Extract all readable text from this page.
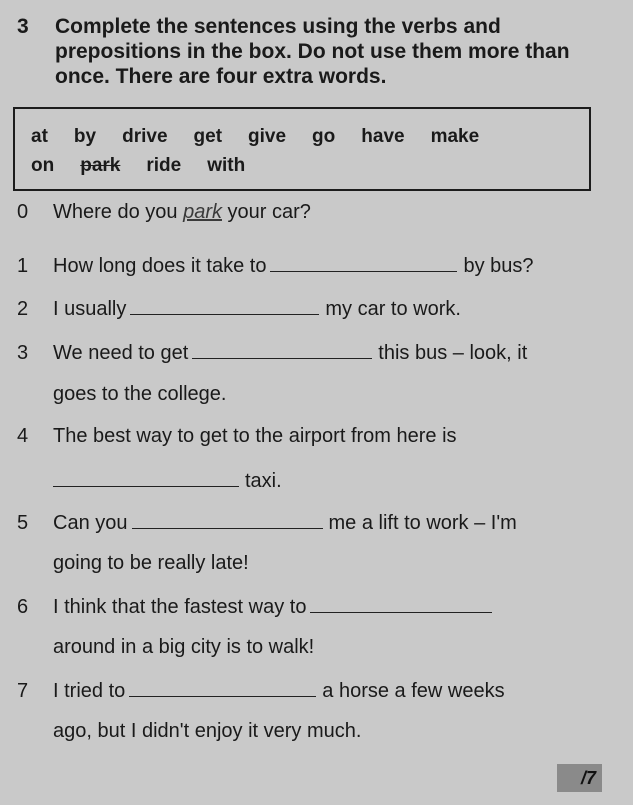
3	Complete the sentences using the verbs and prepositions in the box. Do not use them more than once. There are four extra words.
at by drive get give go have make
on park ride with
0 Where do you park your car?
1 How long does it take to	by bus?
2 I usually	my car to work.
3 We need to get	this bus – look, it
goes to the college.
4 The best way to get to the airport from here is
taxi.
5 Can you	me a lift to work – I'm
going to be really late!
6 I think that the fastest way to
around in a big city is to walk!
7 I tried to	a horse a few weeks
ago, but I didn't enjoy it very much.
/7
